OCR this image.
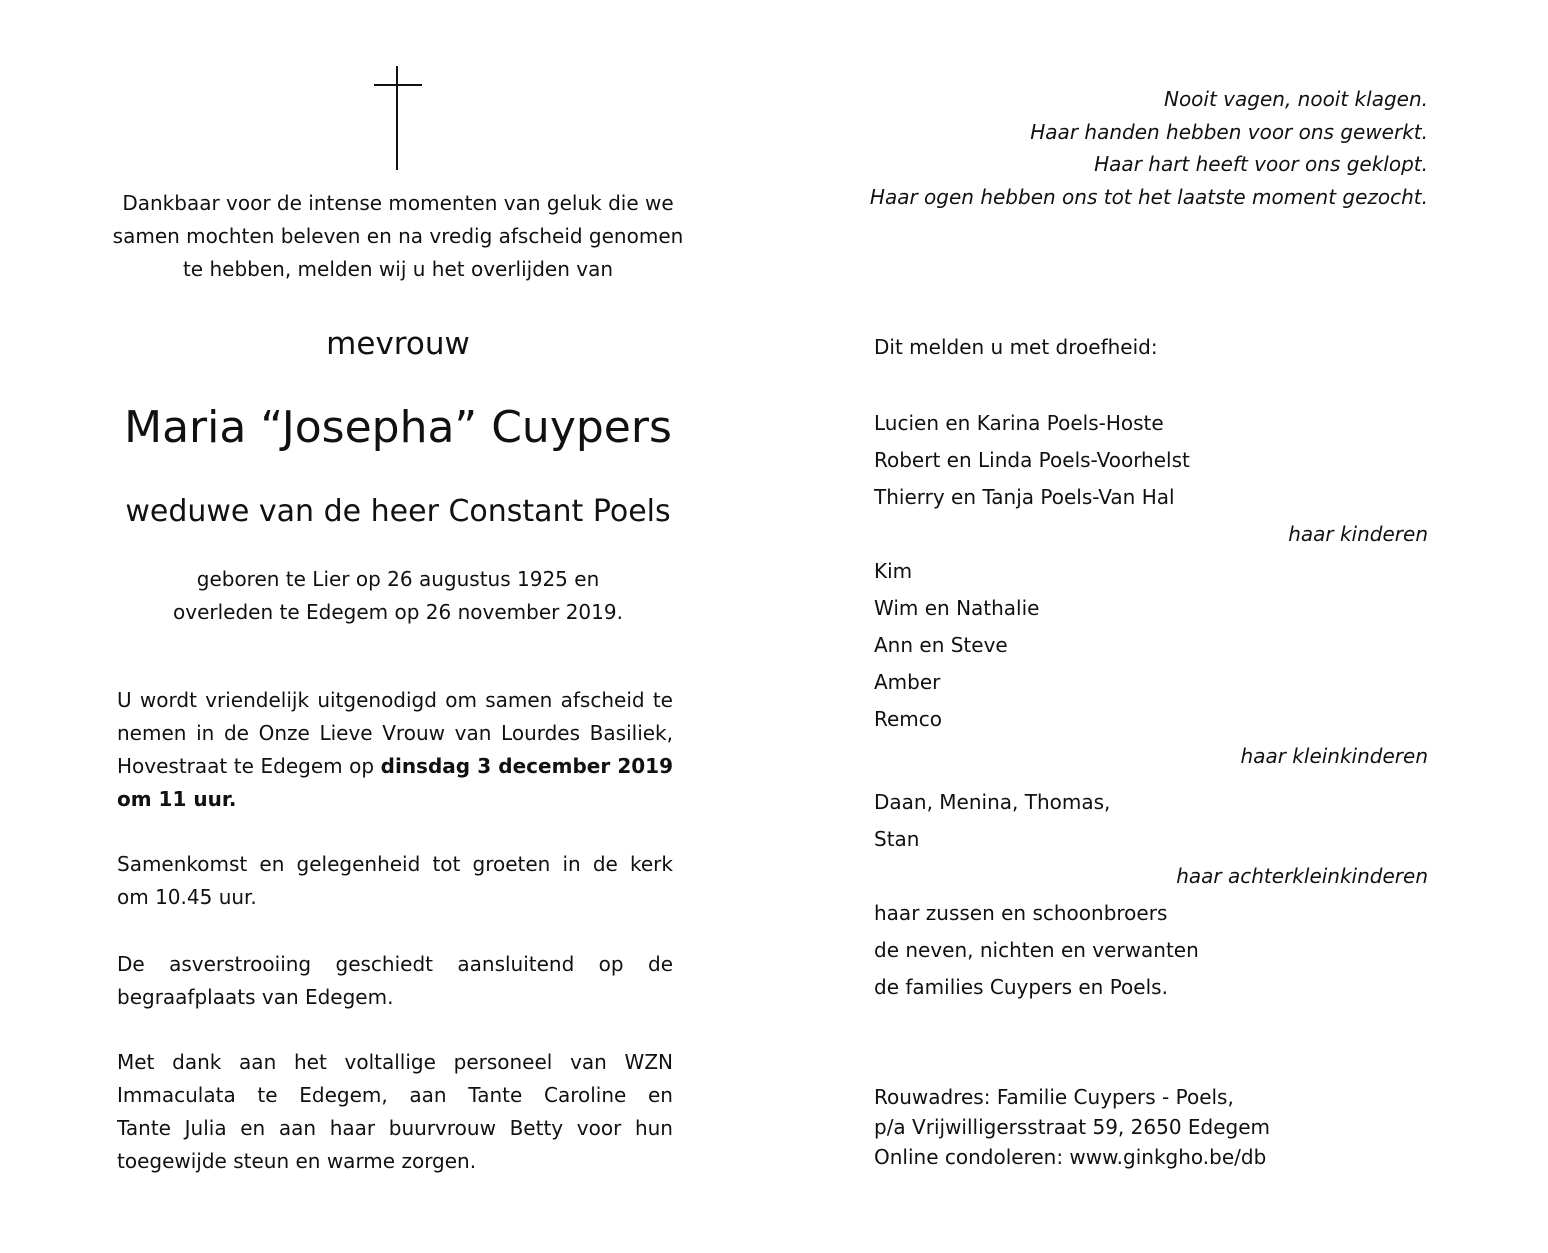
Dankbaar voor de intense momenten van geluk die we
samen mochten beleven en na vredig afscheid genomen
te hebben, melden wij u het overlijden van
mevrouw
Maria “Josepha” Cuypers
weduwe van de heer Constant Poels
geboren te Lier op 26 augustus 1925 en
overleden te Edegem op 26 november 2019.
U wordt vriendelijk uitgenodigd om samen afscheid te
nemen in de Onze Lieve Vrouw van Lourdes Basiliek,
Hovestraat te Edegem op dinsdag 3 december 2019
om 11 uur.
Samenkomst en gelegenheid tot groeten in de kerk
om 10.45 uur.
De asverstrooiing geschiedt aansluitend op de
begraafplaats van Edegem.
Met dank aan het voltallige personeel van WZN
Immaculata te Edegem, aan Tante Caroline en
Tante Julia en aan haar buurvrouw Betty voor hun
toegewijde steun en warme zorgen.
Nooit vagen, nooit klagen.
Haar handen hebben voor ons gewerkt.
Haar hart heeft voor ons geklopt.
Haar ogen hebben ons tot het laatste moment gezocht.
Dit melden u met droefheid:
Lucien en Karina Poels-Hoste
Robert en Linda Poels-Voorhelst
Thierry en Tanja Poels-Van Hal
haar kinderen
Kim
Wim en Nathalie
Ann en Steve
Amber
Remco
haar kleinkinderen
Daan, Menina, Thomas,
Stan
haar achterkleinkinderen
haar zussen en schoonbroers
de neven, nichten en verwanten
de families Cuypers en Poels.
Rouwadres: Familie Cuypers - Poels,
p/a Vrijwilligersstraat 59, 2650 Edegem
Online condoleren: www.ginkgho.be/db
